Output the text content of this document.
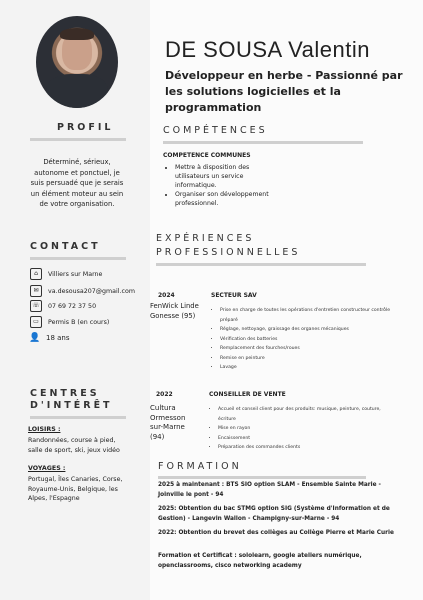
DE SOUSA Valentin
Développeur en herbe - Passionné par les solutions logicielles et la programmation
PROFIL
Déterminé, sérieux, autonome et ponctuel, je suis persuadé que je serais un élément moteur au sein de votre organisation.
CONTACT
⌂	Villiers sur Marne
✉	va.desousa207@gmail.com
☏	07 69 72 37 50
▭	Permis B (en cours)
👤 18 ans
CENTRES
D'INTÉRÊT
LOISIRS :
Randonnées, course à pied, salle de sport, ski, jeux vidéo
VOYAGES :
Portugal, Îles Canaries, Corse, Royaume-Unis, Belgique, les Alpes, l'Espagne
COMPÉTENCES
COMPETENCE COMMUNES
• Mettre à disposition des utilisateurs un service informatique.
• Organiser son développement professionnel.
EXPÉRIENCES
PROFESSIONNELLES
2024
FenWick Linde Gonesse (95)
SECTEUR SAV
• Prise en charge de toutes les opérations d'entretien constructeur contrôle préparé
• Réglage, nettoyage, graissage des organes mécaniques
• Vérification des batteries
• Remplacement des fourches/roues
• Remise en peinture
• Lavage
2022
Cultura Ormesson sur-Marne (94)
CONSEILLER DE VENTE
• Accueil et conseil client pour des produits: musique, peinture, couture, écriture
• Mise en rayon
• Encaissement
• Préparation des commandes clients
FORMATION
2025 à maintenant : BTS SIO option SLAM - Ensemble Sainte Marie - Joinville le pont - 94
2025: Obtention du bac STMG option SIG (Système d'Information et de Gestion) - Langevin Wallon - Champigny-sur-Marne - 94
2022: Obtention du brevet des collèges au Collège Pierre et Marie Curie
Formation et Certificat : sololearn, google ateliers numérique, openclassrooms, cisco networking academy
